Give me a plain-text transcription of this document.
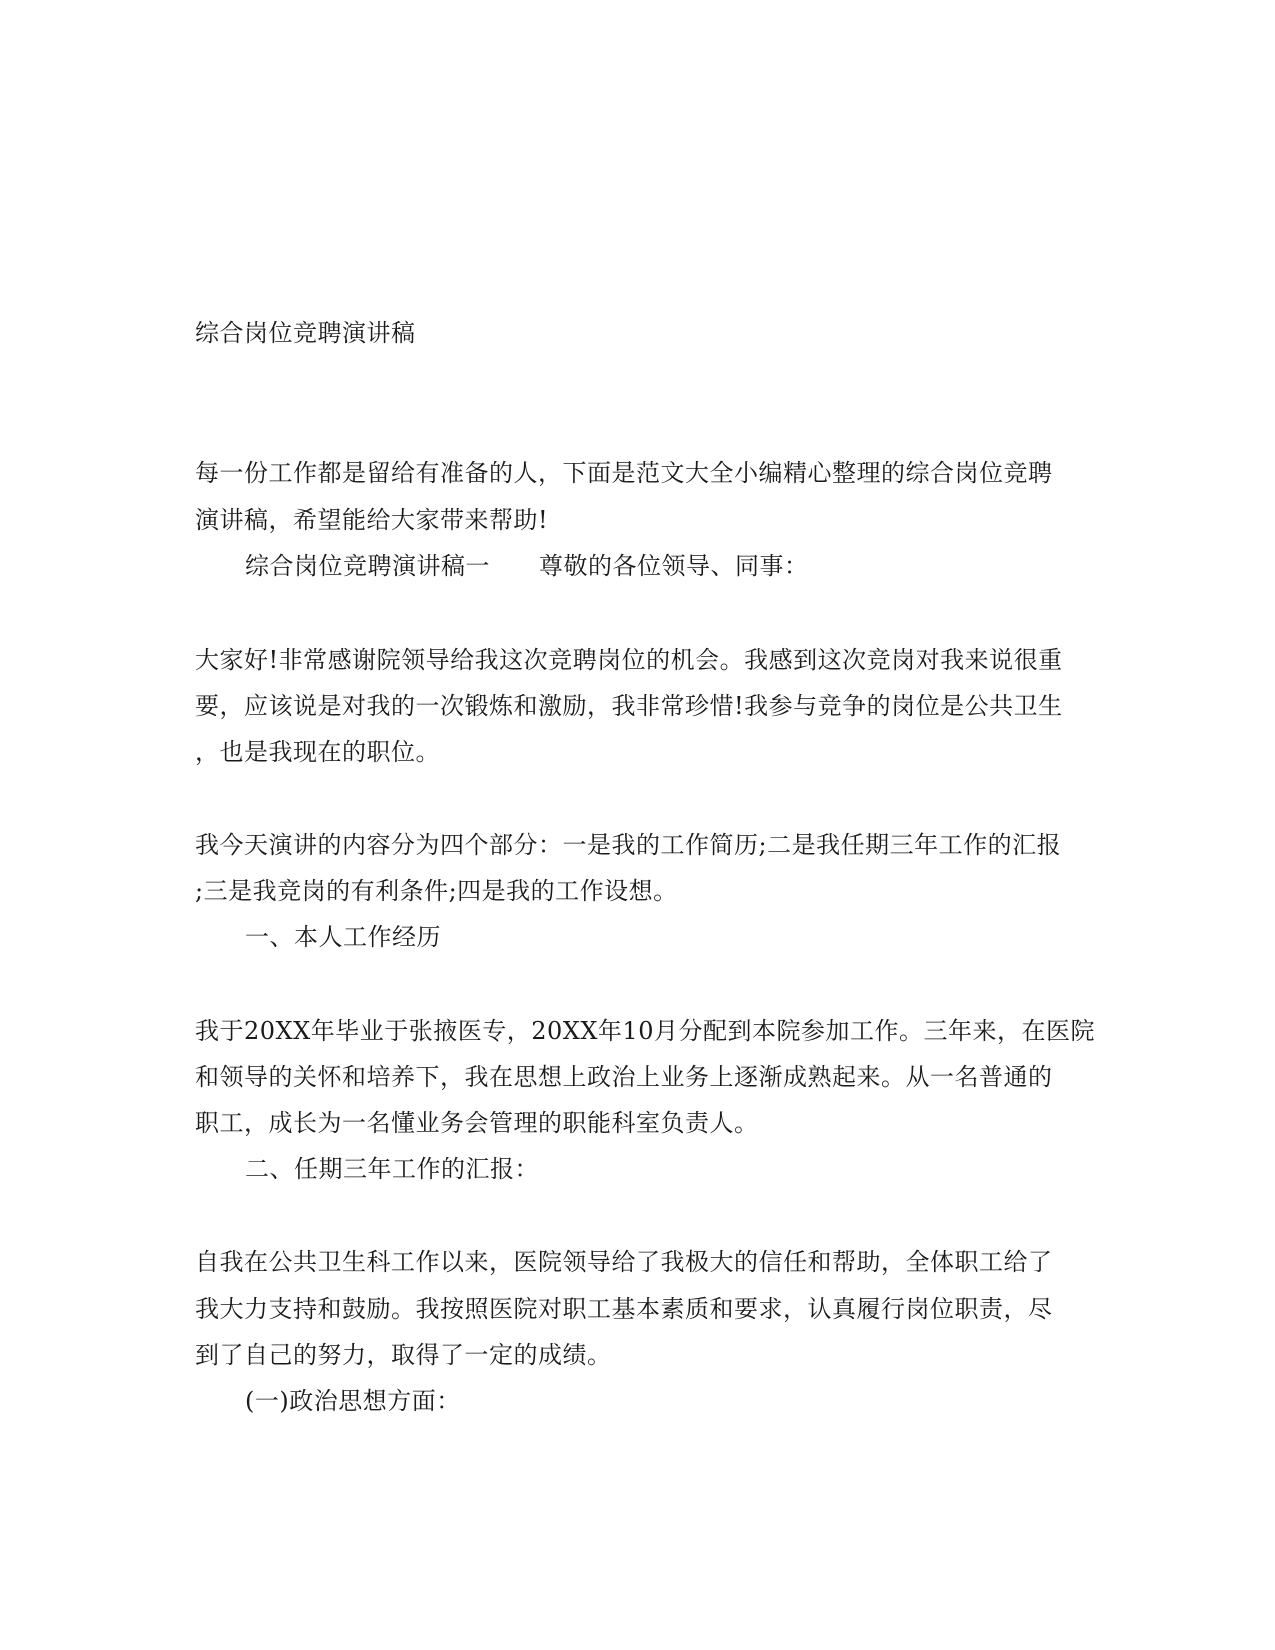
综合岗位竞聘演讲稿
每一份工作都是留给有准备的人，下面是范文大全小编精心整理的综合岗位竞聘
演讲稿，希望能给大家带来帮助!
综合岗位竞聘演讲稿一　　尊敬的各位领导、同事：
大家好!非常感谢院领导给我这次竞聘岗位的机会。我感到这次竞岗对我来说很重
要，应该说是对我的一次锻炼和激励，我非常珍惜!我参与竞争的岗位是公共卫生
，也是我现在的职位。
我今天演讲的内容分为四个部分：一是我的工作简历;二是我任期三年工作的汇报
;三是我竞岗的有利条件;四是我的工作设想。
一、本人工作经历
我于20XX年毕业于张掖医专，20XX年10月分配到本院参加工作。三年来，在医院
和领导的关怀和培养下，我在思想上政治上业务上逐渐成熟起来。从一名普通的
职工，成长为一名懂业务会管理的职能科室负责人。
二、任期三年工作的汇报：
自我在公共卫生科工作以来，医院领导给了我极大的信任和帮助，全体职工给了
我大力支持和鼓励。我按照医院对职工基本素质和要求，认真履行岗位职责，尽
到了自己的努力，取得了一定的成绩。
(一)政治思想方面：
